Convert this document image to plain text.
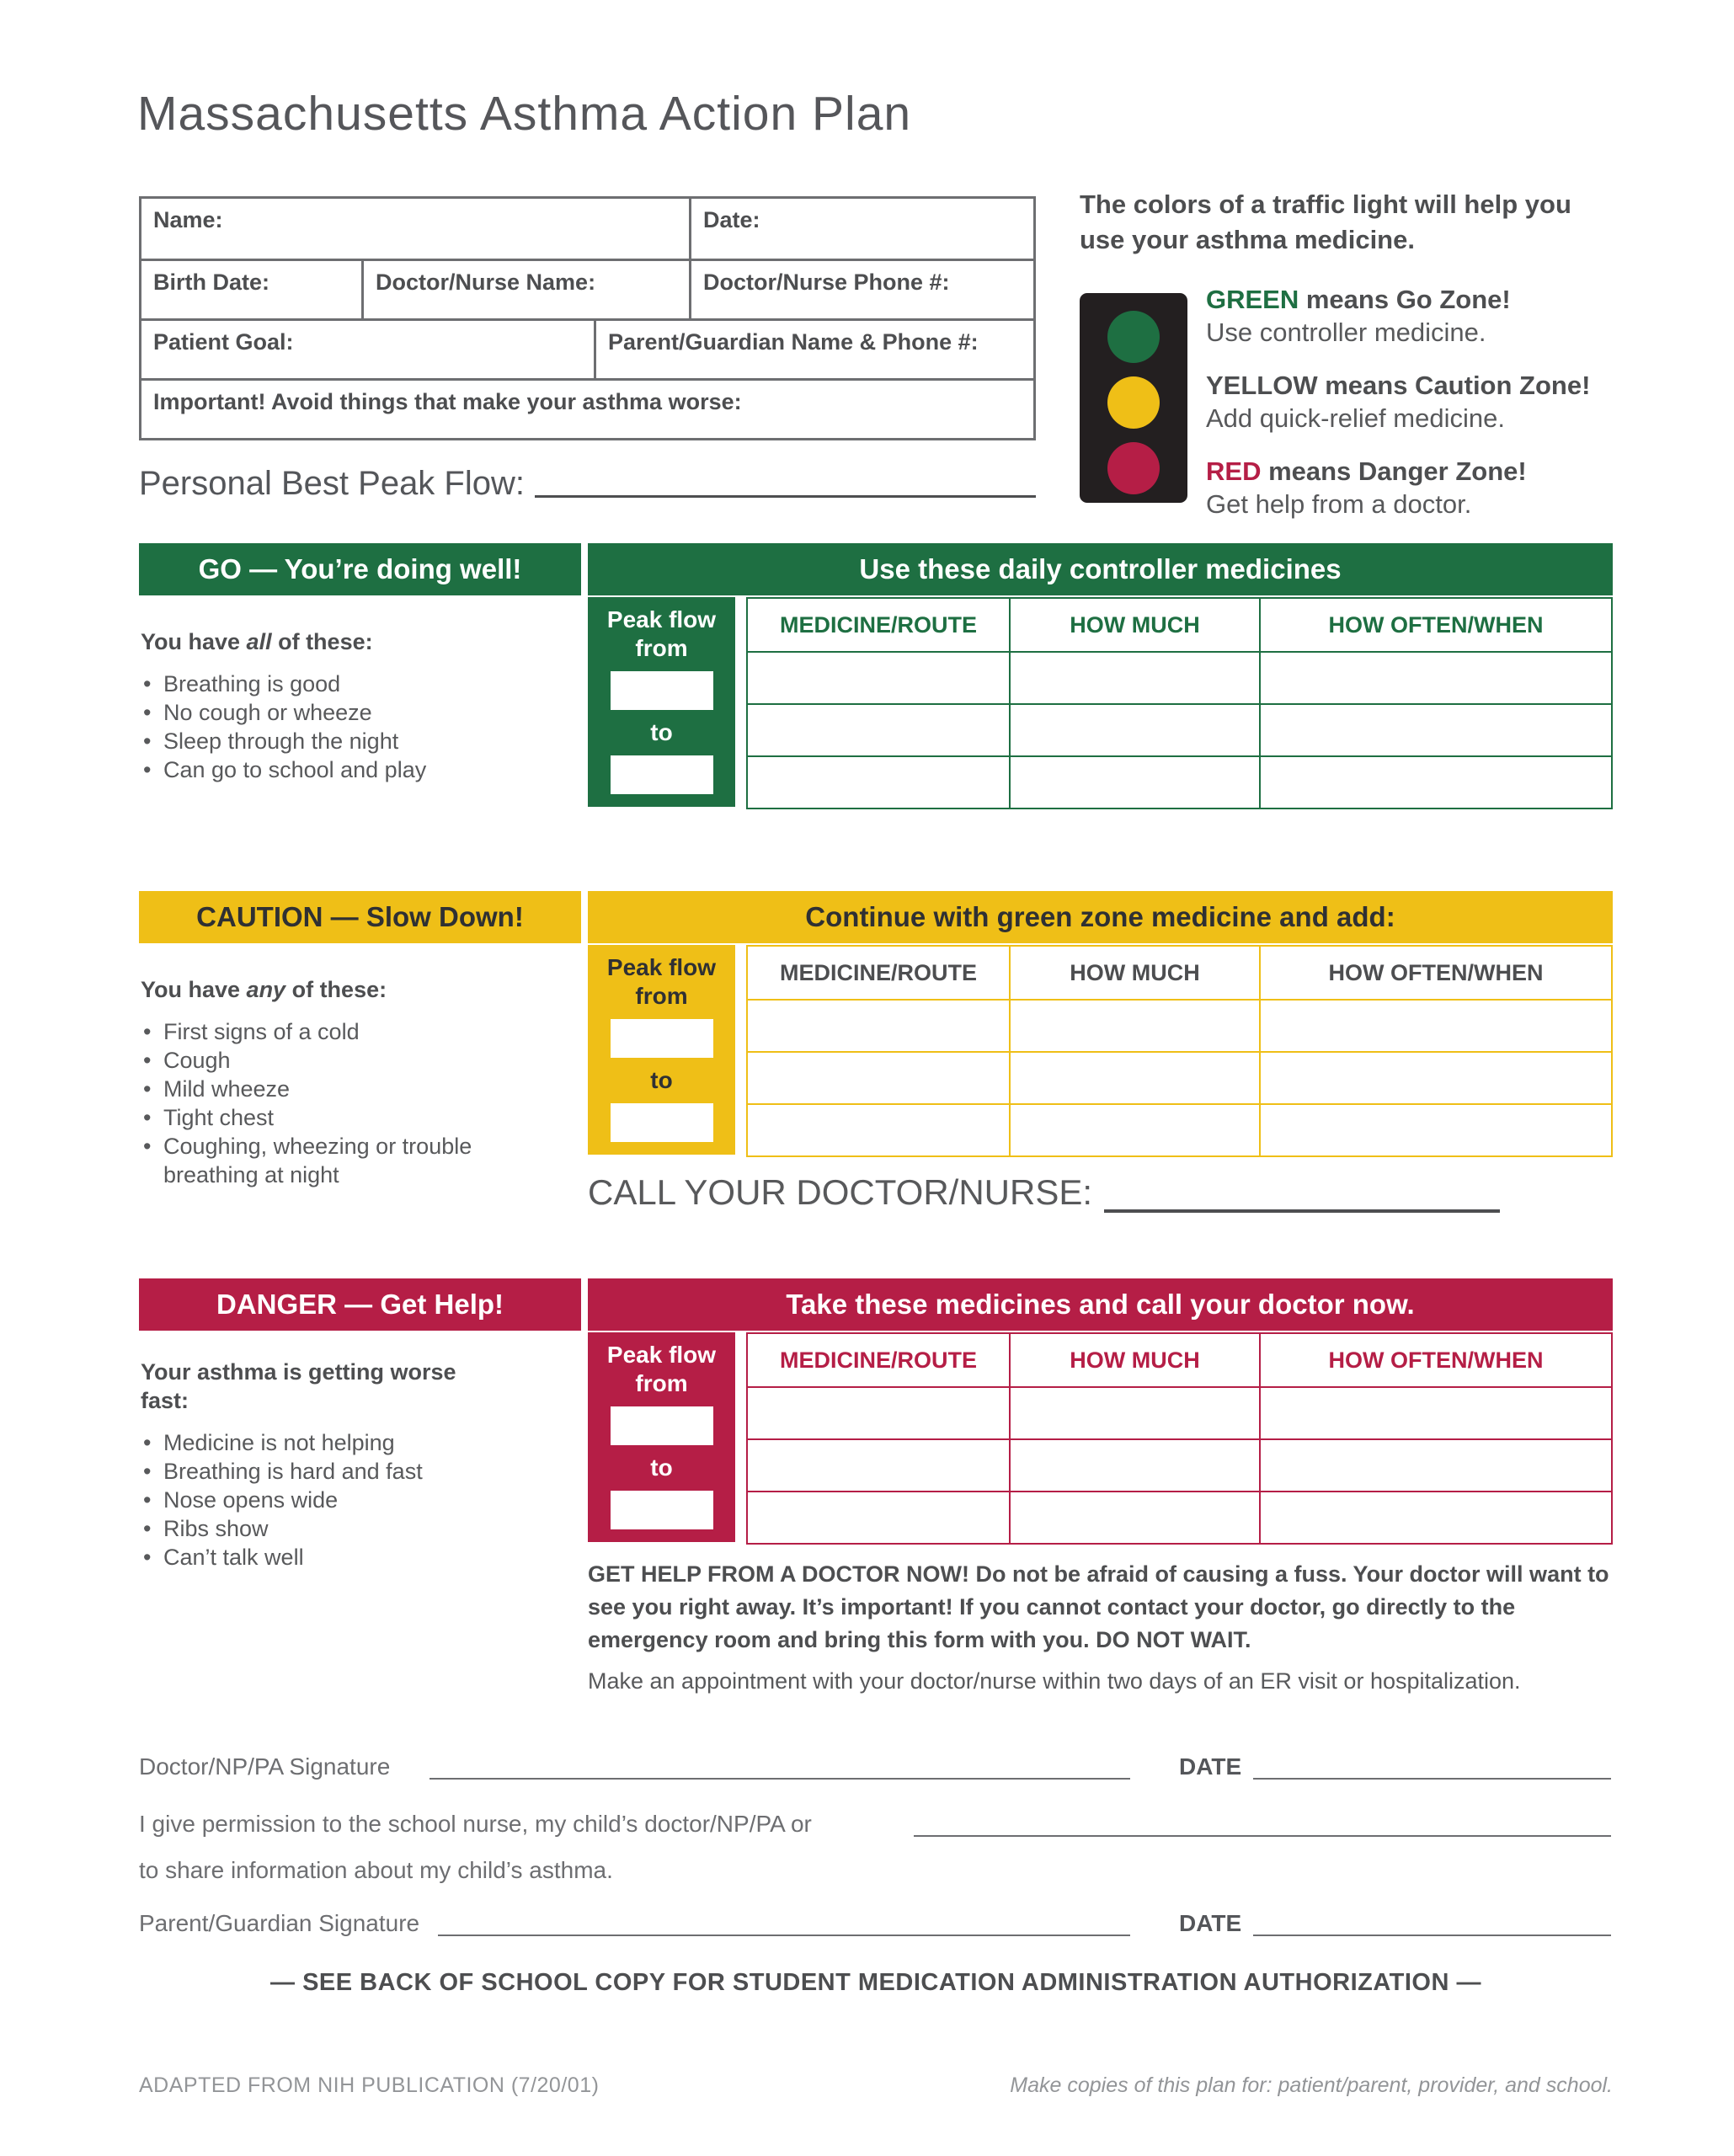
Massachusetts Asthma Action Plan
Name:	Date:
Birth Date:	Doctor/Nurse Name:	Doctor/Nurse Phone #:
Patient Goal:	Parent/Guardian Name & Phone #:
Important! Avoid things that make your asthma worse:

The colors of a traffic light will help you use your asthma medicine.

GREEN means Go Zone!
Use controller medicine.
YELLOW means Caution Zone!
Add quick-relief medicine.
RED means Danger Zone!
Get help from a doctor.
Personal Best Peak Flow:
GO — You’re doing well!	Use these daily controller medicines

You have all of these:

• Breathing is good
• No cough or wheeze
• Sleep through the night
• Can go to school and play
Peak flow from
to
MEDICINE/ROUTE	HOW MUCH	HOW OFTEN/WHEN
CAUTION — Slow Down!	Continue with green zone medicine and add:

You have any of these:

• First signs of a cold
• Cough
• Mild wheeze
• Tight chest
• Coughing, wheezing or trouble breathing at night
Peak flow from
to
MEDICINE/ROUTE	HOW MUCH	HOW OFTEN/WHEN
CALL YOUR DOCTOR/NURSE:
DANGER — Get Help!	Take these medicines and call your doctor now.

Your asthma is getting worse fast:

• Medicine is not helping
• Breathing is hard and fast
• Nose opens wide
• Ribs show
• Can’t talk well
Peak flow from
to
MEDICINE/ROUTE	HOW MUCH	HOW OFTEN/WHEN

GET HELP FROM A DOCTOR NOW! Do not be afraid of causing a fuss. Your doctor will want to see you right away. It’s important! If you cannot contact your doctor, go directly to the emergency room and bring this form with you. DO NOT WAIT.

Make an appointment with your doctor/nurse within two days of an ER visit or hospitalization.

Doctor/NP/PA Signature	DATE
I give permission to the school nurse, my child’s doctor/NP/PA or
to share information about my child’s asthma.
Parent/Guardian Signature	DATE
— SEE BACK OF SCHOOL COPY FOR STUDENT MEDICATION ADMINISTRATION AUTHORIZATION —
ADAPTED FROM NIH PUBLICATION (7/20/01)	Make copies of this plan for: patient/parent, provider, and school.
